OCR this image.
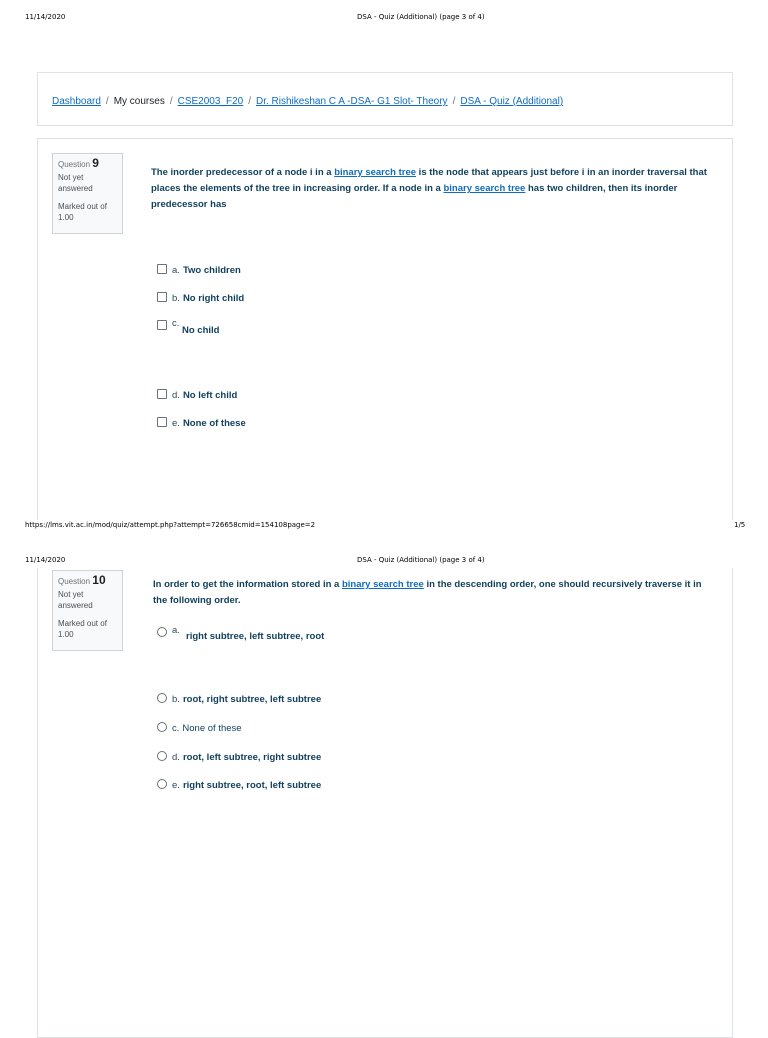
11/14/2020	DSA - Quiz (Additional) (page 3 of 4)
Dashboard / My courses / CSE2003_F20 / Dr. Rishikeshan C A -DSA- G1 Slot- Theory / DSA - Quiz (Additional)
Question 9
Not yet answered
Marked out of 1.00
The inorder predecessor of a node i in a binary search tree is the node that appears just before i in an inorder traversal that places the elements of the tree in increasing order. If a node in a binary search tree has two children, then its inorder predecessor has
a. Two children
b. No right child
c.
No child
d. No left child
e. None of these
https://lms.vit.ac.in/mod/quiz/attempt.php?attempt=726658cmid=154108page=2	1/5
11/14/2020	DSA - Quiz (Additional) (page 3 of 4)
Question 10
Not yet answered
Marked out of 1.00
In order to get the information stored in a binary search tree in the descending order, one should recursively traverse it in the following order.
a.
right subtree, left subtree, root
b. root, right subtree, left subtree
c. None of these
d. root, left subtree, right subtree
e. right subtree, root, left subtree
